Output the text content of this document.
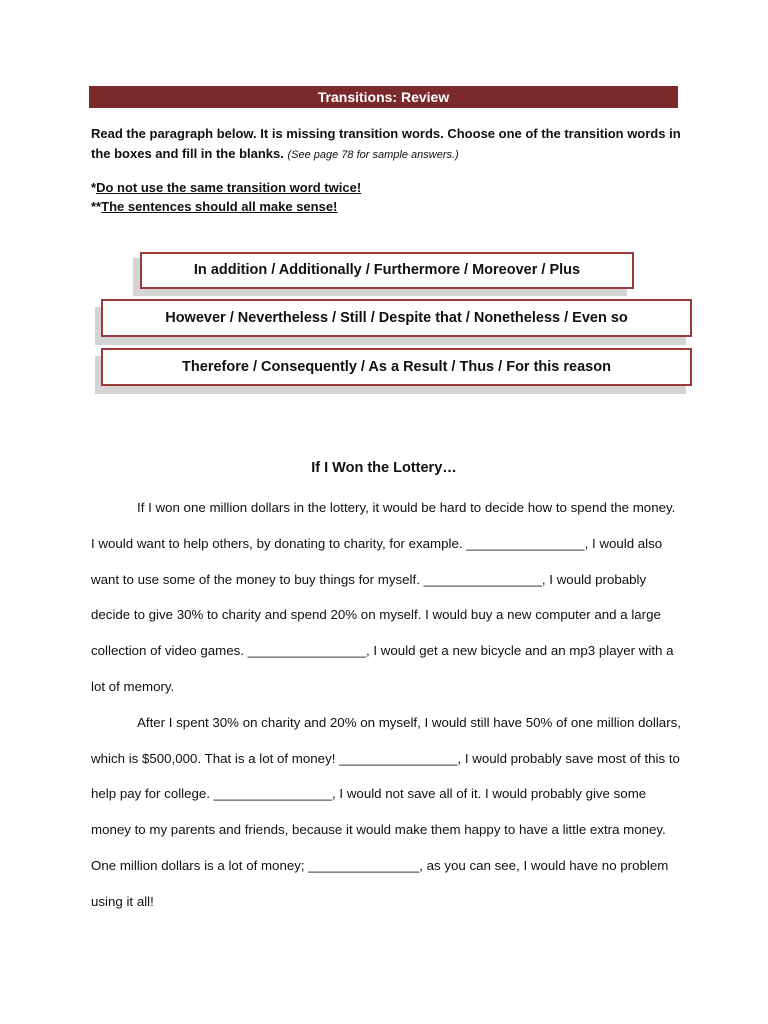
Transitions: Review
Read the paragraph below. It is missing transition words. Choose one of the transition words in the boxes and fill in the blanks. (See page 78 for sample answers.)
*Do not use the same transition word twice!
**The sentences should all make sense!
In addition / Additionally / Furthermore / Moreover / Plus
However / Nevertheless / Still / Despite that / Nonetheless / Even so
Therefore / Consequently / As a Result / Thus / For this reason
If I Won the Lottery…

If I won one million dollars in the lottery, it would be hard to decide how to spend the money. I would want to help others, by donating to charity, for example. ________________, I would also want to use some of the money to buy things for myself. ________________, I would probably decide to give 30% to charity and spend 20% on myself. I would buy a new computer and a large collection of video games. ________________, I would get a new bicycle and an mp3 player with a lot of memory.

After I spent 30% on charity and 20% on myself, I would still have 50% of one million dollars, which is $500,000. That is a lot of money! ________________, I would probably save most of this to help pay for college. ________________, I would not save all of it. I would probably give some money to my parents and friends, because it would make them happy to have a little extra money. One million dollars is a lot of money; _______________, as you can see, I would have no problem using it all!
